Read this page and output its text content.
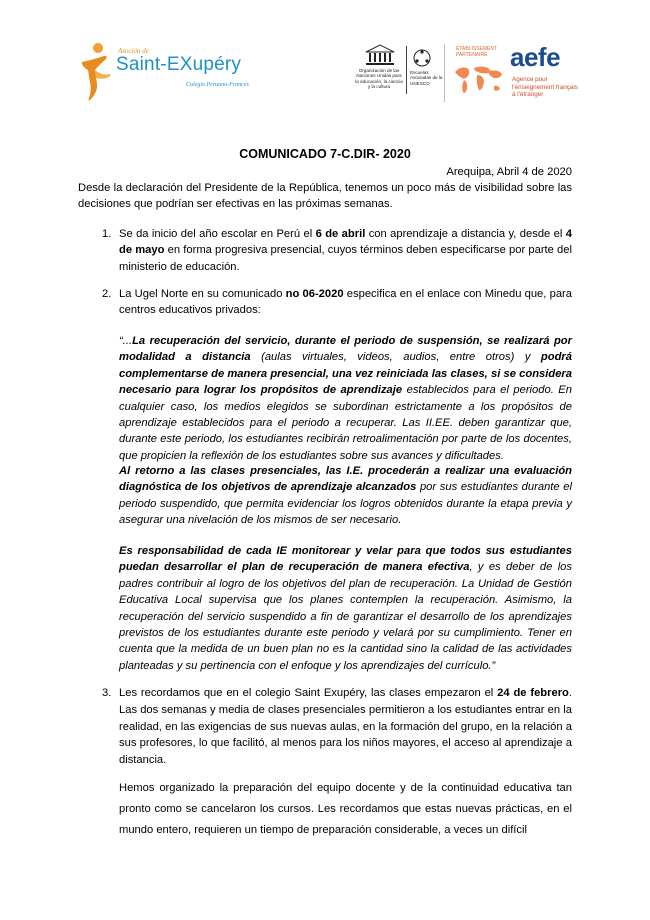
Asoción de
Saint-EXupéry
Colegio Peruano-Francés
Organización de las Naciones Unidas para la educación, la ciencia y la cultura
Escuelas Asociadas de la UNESCO
ÉTABLISSEMENT PARTENAIRE aefe
Agence pour
l'enseignement français
à l'étranger
COMUNICADO 7-C.DIR- 2020
Arequipa, Abril 4 de 2020
Desde la declaración del Presidente de la República, tenemos un poco más de visibilidad sobre las decisiones que podrían ser efectivas en las próximas semanas.
1. Se da inicio del año escolar en Perú el 6 de abril con aprendizaje a distancia y, desde el 4 de mayo en forma progresiva presencial, cuyos términos deben especificarse por parte del ministerio de educación.
2. La Ugel Norte en su comunicado no 06-2020 especifica en el enlace con Minedu que, para centros educativos privados:
“...La recuperación del servicio, durante el periodo de suspensión, se realizará por modalidad a distancia (aulas virtuales, videos, audios, entre otros) y podrá complementarse de manera presencial, una vez reiniciada las clases, si se considera necesario para lograr los propósitos de aprendizaje establecidos para el periodo. En cualquier caso, los medios elegidos se subordinan estrictamente a los propósitos de aprendizaje establecidos para el periodo a recuperar. Las II.EE. deben garantizar que, durante este periodo, los estudiantes recibirán retroalimentación por parte de los docentes, que propicien la reflexión de los estudiantes sobre sus avances y dificultades.
Al retorno a las clases presenciales, las I.E. procederán a realizar una evaluación diagnóstica de los objetivos de aprendizaje alcanzados por sus estudiantes durante el periodo suspendido, que permita evidenciar los logros obtenidos durante la etapa previa y asegurar una nivelación de los mismos de ser necesario.
Es responsabilidad de cada IE monitorear y velar para que todos sus estudiantes puedan desarrollar el plan de recuperación de manera efectiva, y es deber de los padres contribuir al logro de los objetivos del plan de recuperación. La Unidad de Gestión Educativa Local supervisa que los planes contemplen la recuperación. Asimismo, la recuperación del servicio suspendido a fin de garantizar el desarrollo de los aprendizajes previstos de los estudiantes durante este periodo y velará por su cumplimiento. Tener en cuenta que la medida de un buen plan no es la cantidad sino la calidad de las actividades planteadas y su pertinencia con el enfoque y los aprendizajes del currículo.”
3. Les recordamos que en el colegio Saint Exupéry, las clases empezaron el 24 de febrero. Las dos semanas y media de clases presenciales permitieron a los estudiantes entrar en la realidad, en las exigencias de sus nuevas aulas, en la formación del grupo, en la relación a sus profesores, lo que facilitó, al menos para los niños mayores, el acceso al aprendizaje a distancia.
Hemos organizado la preparación del equipo docente y de la continuidad educativa tan pronto como se cancelaron los cursos. Les recordamos que estas nuevas prácticas, en el mundo entero, requieren un tiempo de preparación considerable, a veces un difícil
